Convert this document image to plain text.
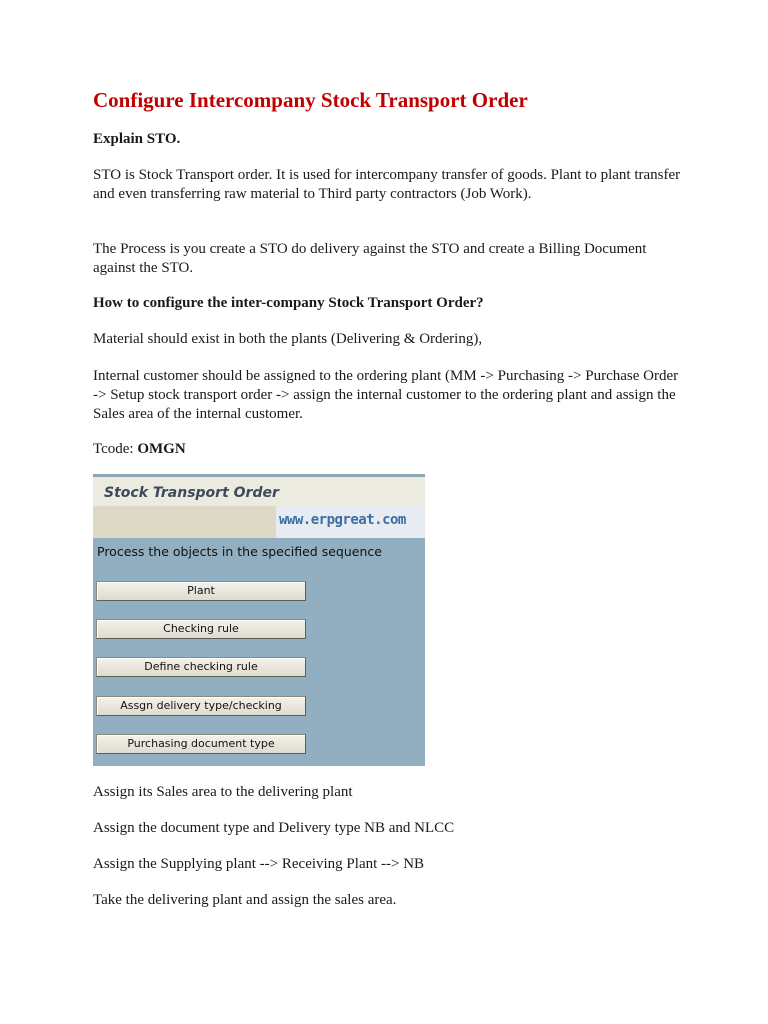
Configure Intercompany Stock Transport Order

Explain STO.

STO is Stock Transport order. It is used for intercompany transfer of goods. Plant to plant transfer and even transferring raw material to Third party contractors (Job Work).

The Process is you create a STO do delivery against the STO and create a Billing Document against the STO.

How to configure the inter-company Stock Transport Order?

Material should exist in both the plants (Delivering & Ordering),

Internal customer should be assigned to the ordering plant (MM -> Purchasing -> Purchase Order -> Setup stock transport order -> assign the internal customer to the ordering plant and assign the Sales area of the internal customer.

Tcode: OMGN

Assign its Sales area to the delivering plant

Assign the document type and Delivery type NB and NLCC

Assign the Supplying plant --> Receiving Plant --> NB

Take the delivering plant and assign the sales area.

Stock Transport Order
www.erpgreat.com
Process the objects in the specified sequence
Plant
Checking rule
Define checking rule
Assgn delivery type/checking
Purchasing document type
